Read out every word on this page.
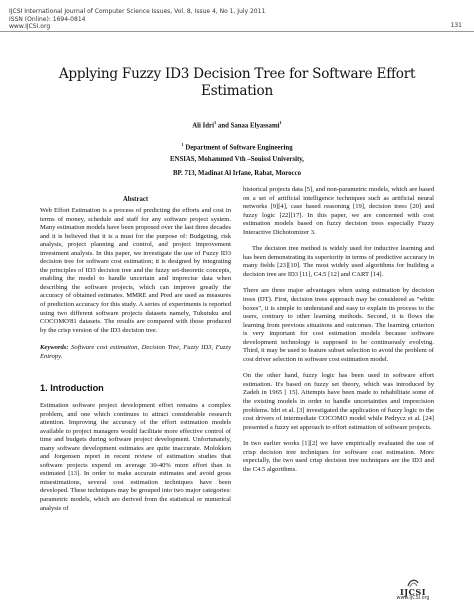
IJCSI International Journal of Computer Science Issues, Vol. 8, Issue 4, No 1, July 2011
ISSN (Online): 1694-0814
www.IJCSI.org	131
Applying Fuzzy ID3 Decision Tree for Software Effort
Estimation
Ali Idri$^1$ and Sanaa Elyassami$^1$
$^1$ Department of Software Engineering
ENSIAS, Mohammed Vth –Souissi University,
BP. 713, Madinat Al Irfane, Rabat, Morocco
Abstract

Web Effort Estimation is a process of predicting the efforts and cost in terms of money, schedule and staff for any software project system. Many estimation models have been proposed over the last three decades and it is believed that it is a must for the purpose of: Budgeting, risk analysis, project planning and control, and project improvement investment analysis. In this paper, we investigate the use of Fuzzy ID3 decision tree for software cost estimation; it is designed by integrating the principles of ID3 decision tree and the fuzzy set-theoretic concepts, enabling the model to handle uncertain and imprecise data when describing the software projects, which can improve greatly the accuracy of obtained estimates. MMRE and Pred are used as measures of prediction accuracy for this study. A series of experiments is reported using two different software projects datasets namely, Tukutuku and COCOMO'81 datasets. The results are compared with those produced by the crisp version of the ID3 decision tree.

Keywords: Software cost estimation, Decision Tree, Fuzzy ID3, Fuzzy Entropy.

1. Introduction

Estimation software project development effort remains a complex problem, and one which continues to attract considerable research attention. Improving the accuracy of the effort estimation models available to project managers would facilitate more effective control of time and budgets during software project development. Unfortunately, many software development estimates are quite inaccurate. Molokken and Jorgensen report in recent review of estimation studies that software projects expend on average 30-40% more effort than is estimated [13]. In order to make accurate estimates and avoid gross misestimations, several cost estimation techniques have been developed. These techniques may be grouped into two major categories: parametric models, which are derived from the statistical or numerical analysis of

historical projects data [5], and non-parametric models, which are based on a set of artificial intelligence techniques such as artificial neural networks [9][4], case based reasoning [19], decision trees [20] and fuzzy logic [22][17]. In this paper, we are concerned with cost estimation models based on fuzzy decision trees especially Fuzzy Interactive Dichotomizer 3.

The decision tree method is widely used for inductive learning and has been demonstrating its superiority in terms of predictive accuracy in many fields [23][10]. The most widely used algorithms for building a decision tree are ID3 [11], C4.5 [12] and CART [14].

There are three major advantages when using estimation by decision trees (DT). First, decision trees approach may be considered as "white boxes", it is simple to understand and easy to explain its process to the users, contrary to other learning methods. Second, it is flows the learning from previous situations and outcomes. The learning criterion is very important for cost estimation models because software development technology is supposed to be continuously evolving. Third, it may be used to feature subset selection to avoid the problem of cost driver selection in software cost estimation model.

On the other hand, fuzzy logic has been used in software effort estimation. It's based on fuzzy set theory, which was introduced by Zadeh in 1965 [ 15]. Attempts have been made to rehabilitate some of the existing models in order to handle uncertainties and imprecision problems. Idri et al. [3] investigated the application of fuzzy logic to the cost drivers of intermediate COCOMO model while Pedrycz et al. [24] presented a fuzzy set approach to effort estimation of software projects.

In two earlier works [1][2] we have empirically evaluated the use of crisp decision tree techniques for software cost estimation. More especially, the two used crisp decision tree techniques are the ID3 and the C4.5 algorithms.

IJCSI
www.IJCSI.org
